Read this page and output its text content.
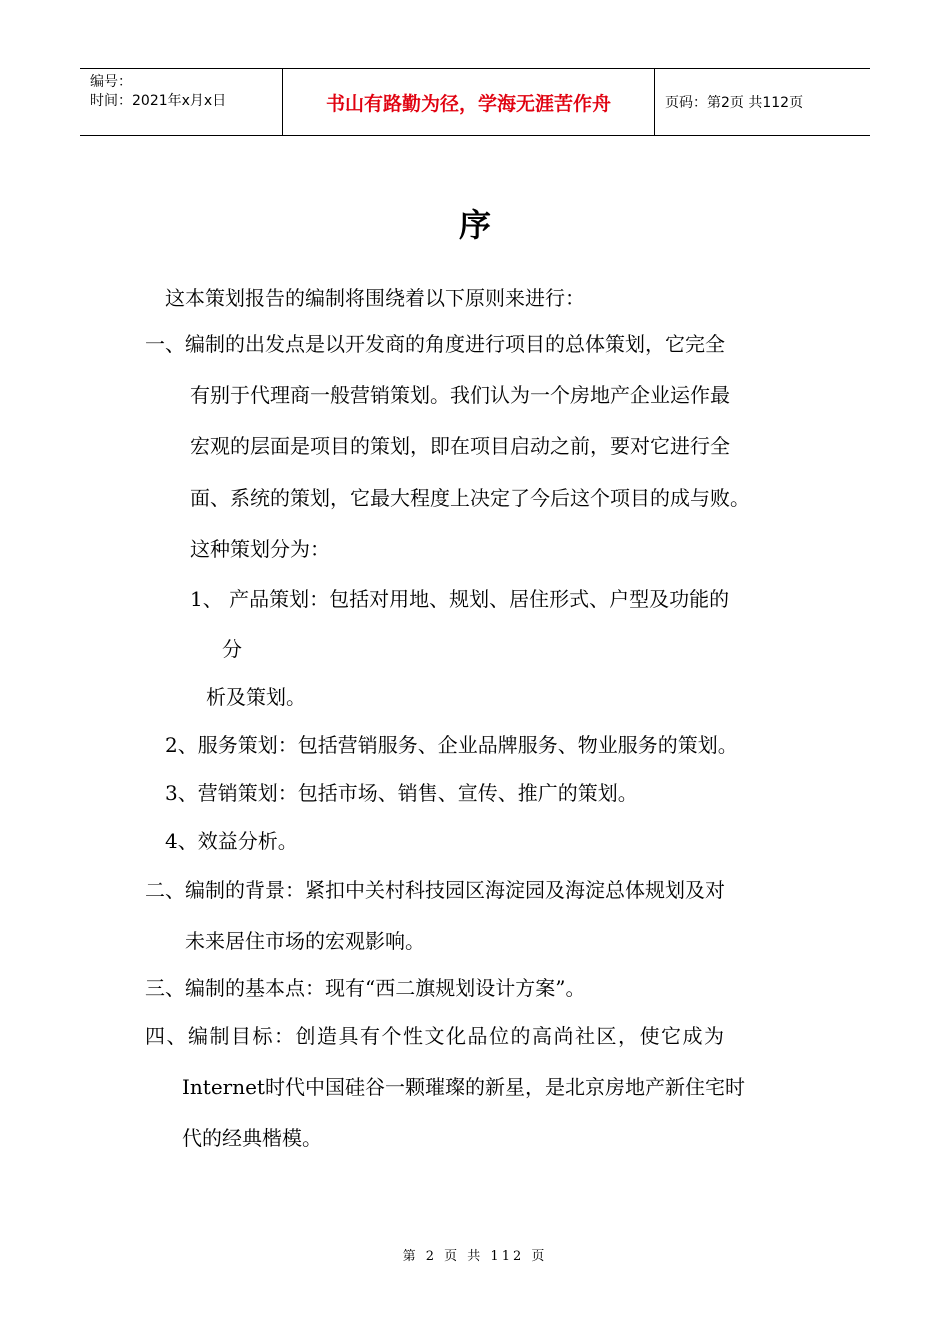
编号：
时间：2021年x月x日	书山有路勤为径，学海无涯苦作舟	页码：第2页 共112页
序
这本策划报告的编制将围绕着以下原则来进行：
一、编制的出发点是以开发商的角度进行项目的总体策划，它完全
有别于代理商一般营销策划。我们认为一个房地产企业运作最
宏观的层面是项目的策划，即在项目启动之前，要对它进行全
面、系统的策划，它最大程度上决定了今后这个项目的成与败。
这种策划分为：
1、 产品策划：包括对用地、规划、居住形式、户型及功能的
分
析及策划。
2、服务策划：包括营销服务、企业品牌服务、物业服务的策划。
3、营销策划：包括市场、销售、宣传、推广的策划。
4、效益分析。
二、编制的背景：紧扣中关村科技园区海淀园及海淀总体规划及对
未来居住市场的宏观影响。
三、编制的基本点：现有“西二旗规划设计方案”。
四、编制目标：创造具有个性文化品位的高尚社区，使它成为
Internet时代中国硅谷一颗璀璨的新星，是北京房地产新住宅时
代的经典楷模。
第 2 页 共 112 页
